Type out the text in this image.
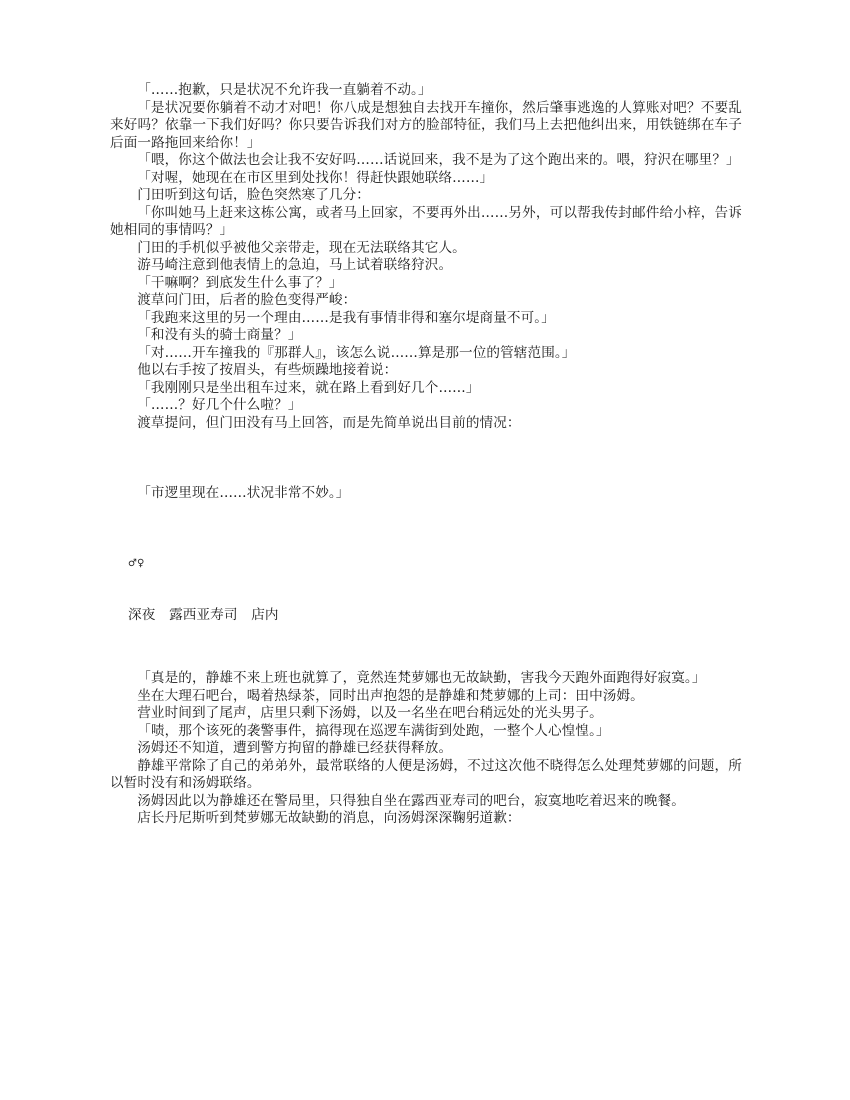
「……抱歉，只是状况不允许我一直躺着不动。」

「是状况要你躺着不动才对吧！你八成是想独自去找开车撞你，然后肇事逃逸的人算账对吧？不要乱来好吗？依靠一下我们好吗？你只要告诉我们对方的脸部特征，我们马上去把他纠出来，用铁链绑在车子后面一路拖回来给你！」

「喂，你这个做法也会让我不安好吗……话说回来，我不是为了这个跑出来的。喂，狩沢在哪里？」

「对喔，她现在在市区里到处找你！得赶快跟她联络……」

门田听到这句话，脸色突然寒了几分：

「你叫她马上赶来这栋公寓，或者马上回家，不要再外出……另外，可以帮我传封邮件给小梓，告诉她相同的事情吗？」

门田的手机似乎被他父亲带走，现在无法联络其它人。

游马崎注意到他表情上的急迫，马上试着联络狩沢。

「干嘛啊？到底发生什么事了？」

渡草问门田，后者的脸色变得严峻：

「我跑来这里的另一个理由……是我有事情非得和塞尔堤商量不可。」

「和没有头的骑士商量？」

「对……开车撞我的『那群人』，该怎么说……算是那一位的管辖范围。」

他以右手按了按眉头，有些烦躁地接着说：

「我刚刚只是坐出租车过来，就在路上看到好几个……」

「……？好几个什么啦？」

渡草提问，但门田没有马上回答，而是先简单说出目前的情况：

「市逻里现在……状况非常不妙。」

♂♀

深夜　露西亚寿司　店内

「真是的，静雄不来上班也就算了，竟然连梵萝娜也无故缺勤，害我今天跑外面跑得好寂寞。」

坐在大理石吧台，喝着热绿茶，同时出声抱怨的是静雄和梵萝娜的上司：田中汤姆。

营业时间到了尾声，店里只剩下汤姆，以及一名坐在吧台稍远处的光头男子。

「啧，那个该死的袭警事件，搞得现在巡逻车满街到处跑，一整个人心惶惶。」

汤姆还不知道，遭到警方拘留的静雄已经获得释放。

静雄平常除了自己的弟弟外，最常联络的人便是汤姆，不过这次他不晓得怎么处理梵萝娜的问题，所以暂时没有和汤姆联络。

汤姆因此以为静雄还在警局里，只得独自坐在露西亚寿司的吧台，寂寞地吃着迟来的晚餐。

店长丹尼斯听到梵萝娜无故缺勤的消息，向汤姆深深鞠躬道歉：
